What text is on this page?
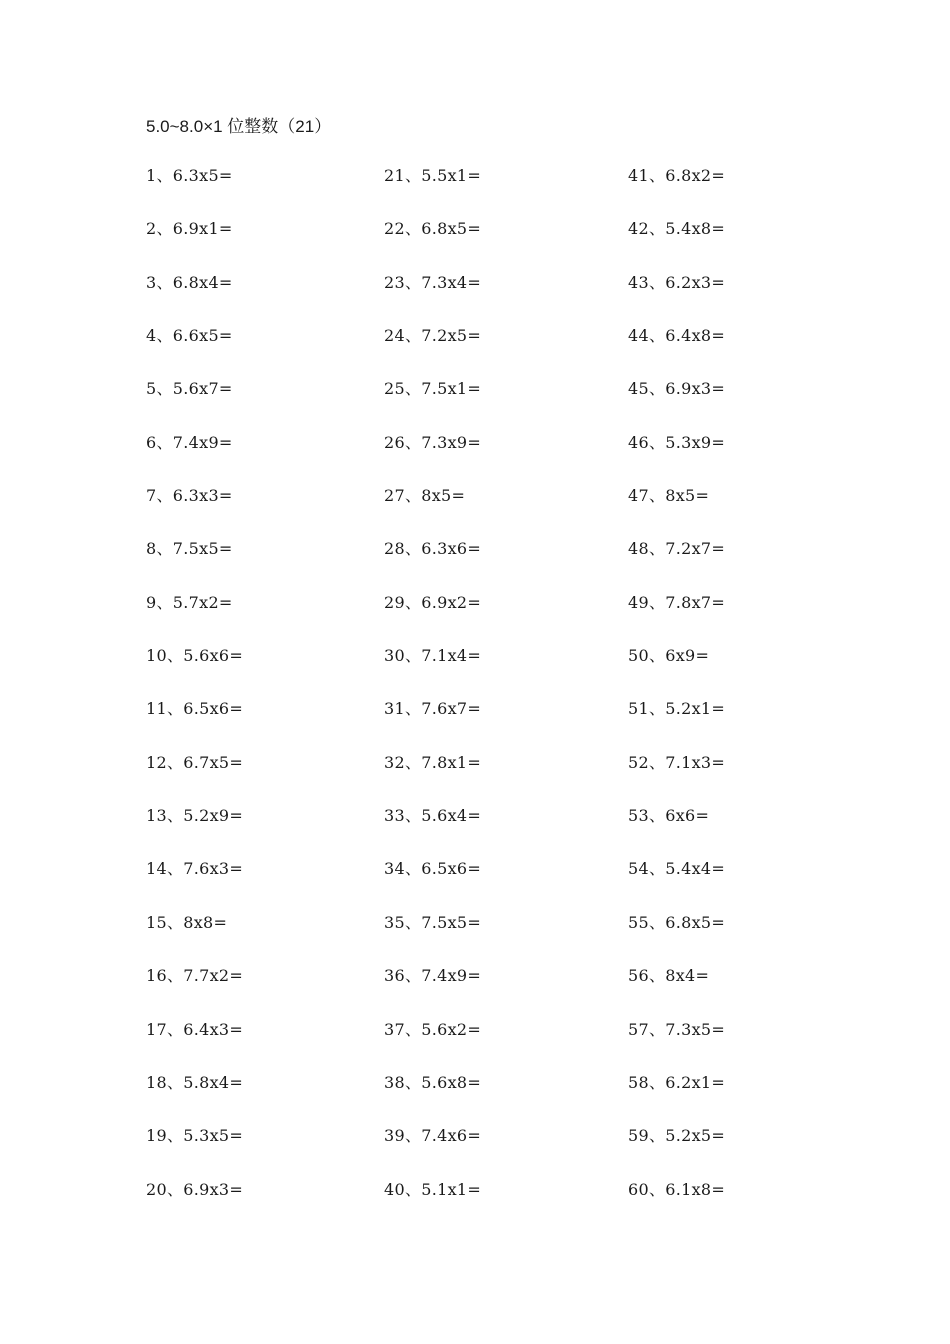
5.0~8.0×1 位整数（21）
1、6.3x5=
2、6.9x1=
3、6.8x4=
4、6.6x5=
5、5.6x7=
6、7.4x9=
7、6.3x3=
8、7.5x5=
9、5.7x2=
10、5.6x6=
11、6.5x6=
12、6.7x5=
13、5.2x9=
14、7.6x3=
15、8x8=
16、7.7x2=
17、6.4x3=
18、5.8x4=
19、5.3x5=
20、6.9x3=
21、5.5x1=
22、6.8x5=
23、7.3x4=
24、7.2x5=
25、7.5x1=
26、7.3x9=
27、8x5=
28、6.3x6=
29、6.9x2=
30、7.1x4=
31、7.6x7=
32、7.8x1=
33、5.6x4=
34、6.5x6=
35、7.5x5=
36、7.4x9=
37、5.6x2=
38、5.6x8=
39、7.4x6=
40、5.1x1=
41、6.8x2=
42、5.4x8=
43、6.2x3=
44、6.4x8=
45、6.9x3=
46、5.3x9=
47、8x5=
48、7.2x7=
49、7.8x7=
50、6x9=
51、5.2x1=
52、7.1x3=
53、6x6=
54、5.4x4=
55、6.8x5=
56、8x4=
57、7.3x5=
58、6.2x1=
59、5.2x5=
60、6.1x8=
